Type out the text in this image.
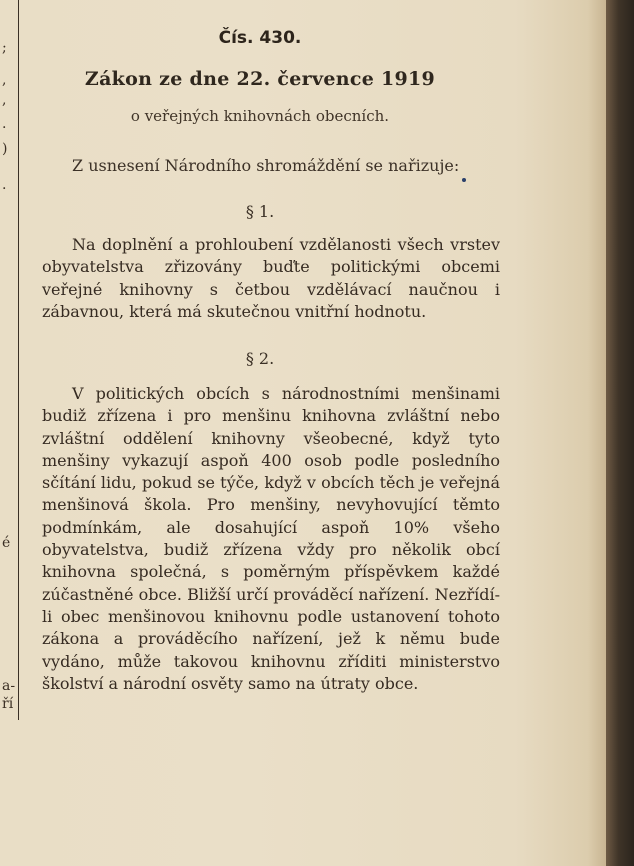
;
,
,
.
)
.
é
a-
ří
Čís. 430.
Zákon ze dne 22. července 1919
o veřejných knihovnách obecních.

Z usnesení Národního shromáždění se nařizuje:

§ 1.

Na doplnění a prohloubení vzdělanosti všech vrstev obyvatelstva zřizovány buďte politickými obcemi veřejné knihovny s četbou vzdělávací naučnou i zábavnou, která má skutečnou vnitřní hodnotu.

§ 2.

V politických obcích s národnostními menšinami budiž zřízena i pro menšinu knihovna zvláštní nebo zvláštní oddělení knihovny všeobecné, když tyto menšiny vykazují aspoň 400 osob podle posledního sčítání lidu, pokud se týče, když v obcích těch je veřejná menšinová škola. Pro menšiny, nevyhovující těmto podmínkám, ale dosahující aspoň 10% všeho obyvatelstva, budiž zřízena vždy pro několik obcí knihovna společná, s poměrným příspěvkem každé zúčastněné obce. Bližší určí prováděcí nařízení. Nezřídí-li obec menšinovou knihovnu podle ustanovení tohoto zákona a prováděcího nařízení, jež k němu bude vydáno, může takovou knihovnu zříditi ministerstvo školství a národní osvěty samo na útraty obce.
